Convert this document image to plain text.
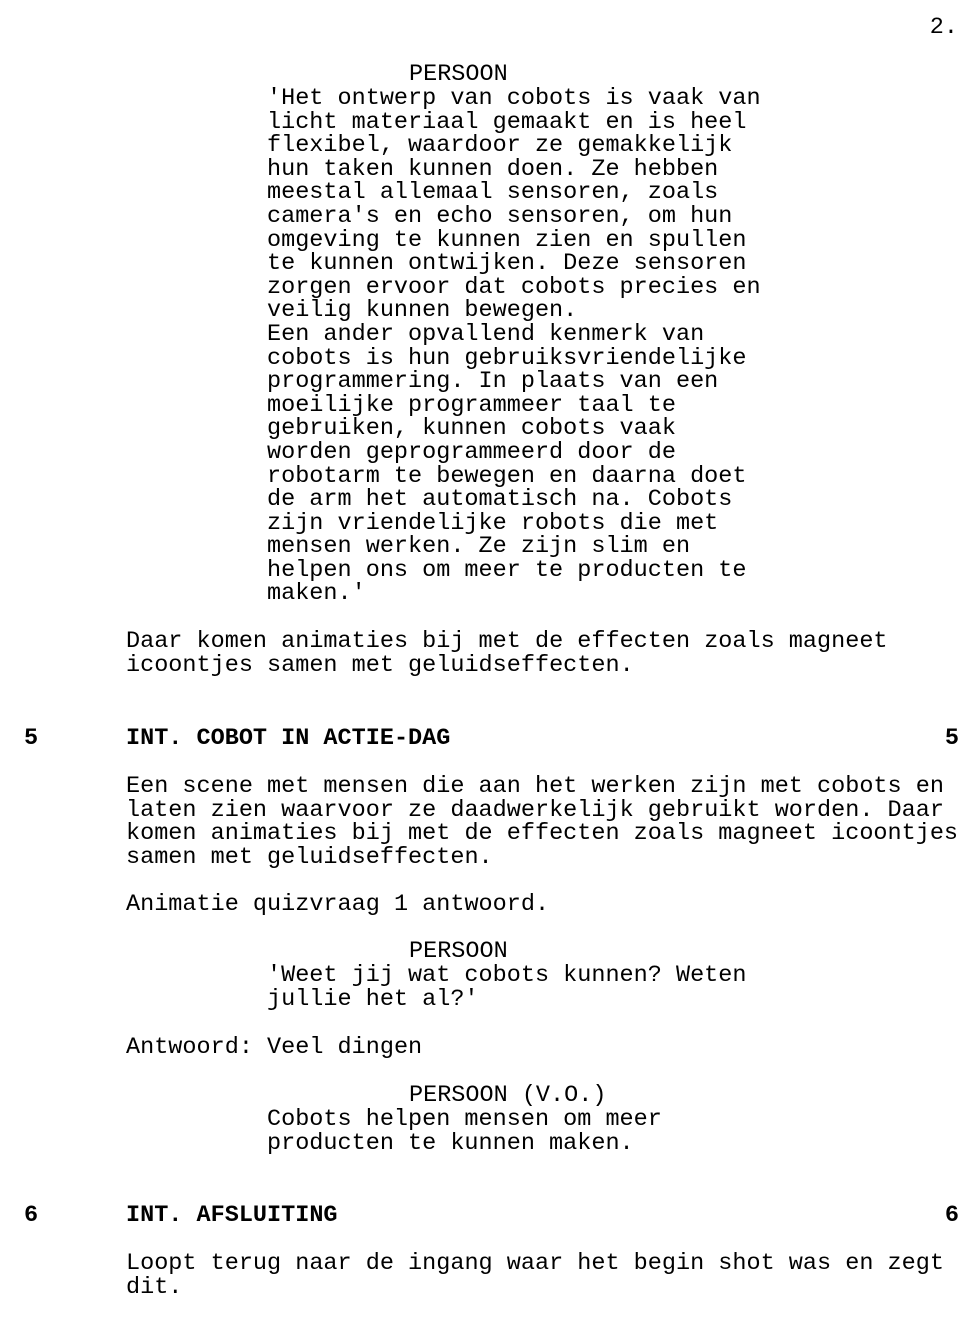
2.
PERSOON
'Het ontwerp van cobots is vaak van
licht materiaal gemaakt en is heel
flexibel, waardoor ze gemakkelijk
hun taken kunnen doen. Ze hebben
meestal allemaal sensoren, zoals
camera's en echo sensoren, om hun
omgeving te kunnen zien en spullen
te kunnen ontwijken. Deze sensoren
zorgen ervoor dat cobots precies en
veilig kunnen bewegen.
Een ander opvallend kenmerk van
cobots is hun gebruiksvriendelijke
programmering. In plaats van een
moeilijke programmeer taal te
gebruiken, kunnen cobots vaak
worden geprogrammeerd door de
robotarm te bewegen en daarna doet
de arm het automatisch na. Cobots
zijn vriendelijke robots die met
mensen werken. Ze zijn slim en
helpen ons om meer te producten te
maken.'
Daar komen animaties bij met de effecten zoals magneet
icoontjes samen met geluidseffecten.
5	INT. COBOT IN ACTIE-DAG	5
Een scene met mensen die aan het werken zijn met cobots en
laten zien waarvoor ze daadwerkelijk gebruikt worden. Daar
komen animaties bij met de effecten zoals magneet icoontjes
samen met geluidseffecten.
Animatie quizvraag 1 antwoord.
PERSOON
'Weet jij wat cobots kunnen? Weten
jullie het al?'
Antwoord: Veel dingen
PERSOON (V.O.)
Cobots helpen mensen om meer
producten te kunnen maken.
6	INT. AFSLUITING	6
Loopt terug naar de ingang waar het begin shot was en zegt
dit.
